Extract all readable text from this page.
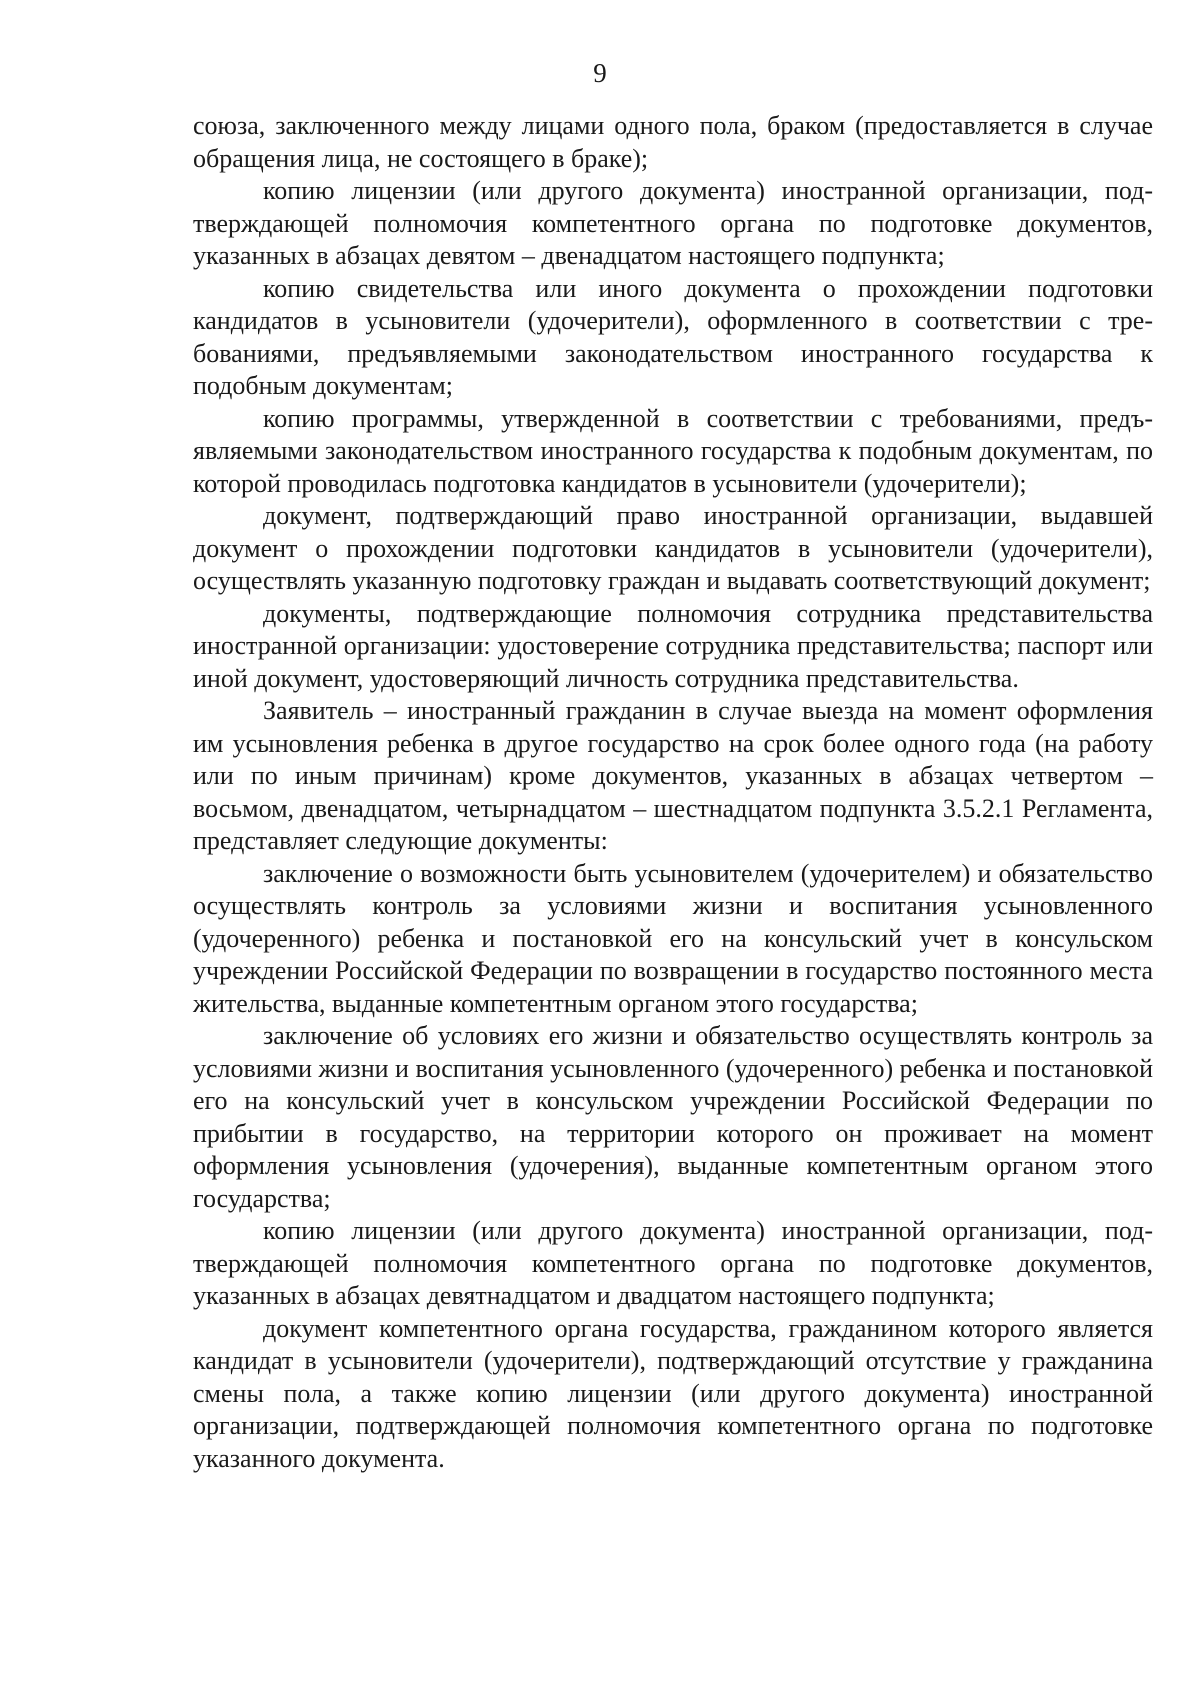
9

союза, заключенного между лицами одного пола, браком (предоставляется в случае обращения лица, не состоящего в браке);

копию лицензии (или другого документа) иностранной организации, подтверждающей полномочия компетентного органа по подготовке документов, указанных в абзацах девятом – двенадцатом настоящего подпункта;

копию свидетельства или иного документа о прохождении подготовки кандидатов в усыновители (удочерители), оформленного в соответствии с требованиями, предъявляемыми законодательством иностранного государства к подобным документам;

копию программы, утвержденной в соответствии с требованиями, предъявляемыми законодательством иностранного государства к подобным документам, по которой проводилась подготовка кандидатов в усыновители (удочерители);

документ, подтверждающий право иностранной организации, выдавшей документ о прохождении подготовки кандидатов в усыновители (удочерители), осуществлять указанную подготовку граждан и выдавать соответствующий документ;

документы, подтверждающие полномочия сотрудника представительства иностранной организации: удостоверение сотрудника представительства; паспорт или иной документ, удостоверяющий личность сотрудника представительства.

Заявитель – иностранный гражданин в случае выезда на момент оформления им усыновления ребенка в другое государство на срок более одного года (на работу или по иным причинам) кроме документов, указанных в абзацах четвертом – восьмом, двенадцатом, четырнадцатом – шестнадцатом подпункта 3.5.2.1 Регламента, представляет следующие документы:

заключение о возможности быть усыновителем (удочерителем) и обязательство осуществлять контроль за условиями жизни и воспитания усыновленного (удочеренного) ребенка и постановкой его на консульский учет в консульском учреждении Российской Федерации по возвращении в государство постоянного места жительства, выданные компетентным органом этого государства;

заключение об условиях его жизни и обязательство осуществлять контроль за условиями жизни и воспитания усыновленного (удочеренного) ребенка и постановкой его на консульский учет в консульском учреждении Российской Федерации по прибытии в государство, на территории которого он проживает на момент оформления усыновления (удочерения), выданные компетентным органом этого государства;

копию лицензии (или другого документа) иностранной организации, подтверждающей полномочия компетентного органа по подготовке документов, указанных в абзацах девятнадцатом и двадцатом настоящего подпункта;

документ компетентного органа государства, гражданином которого является кандидат в усыновители (удочерители), подтверждающий отсутствие у гражданина смены пола, а также копию лицензии (или другого документа) иностранной организации, подтверждающей полномочия компетентного органа по подготовке указанного документа.
